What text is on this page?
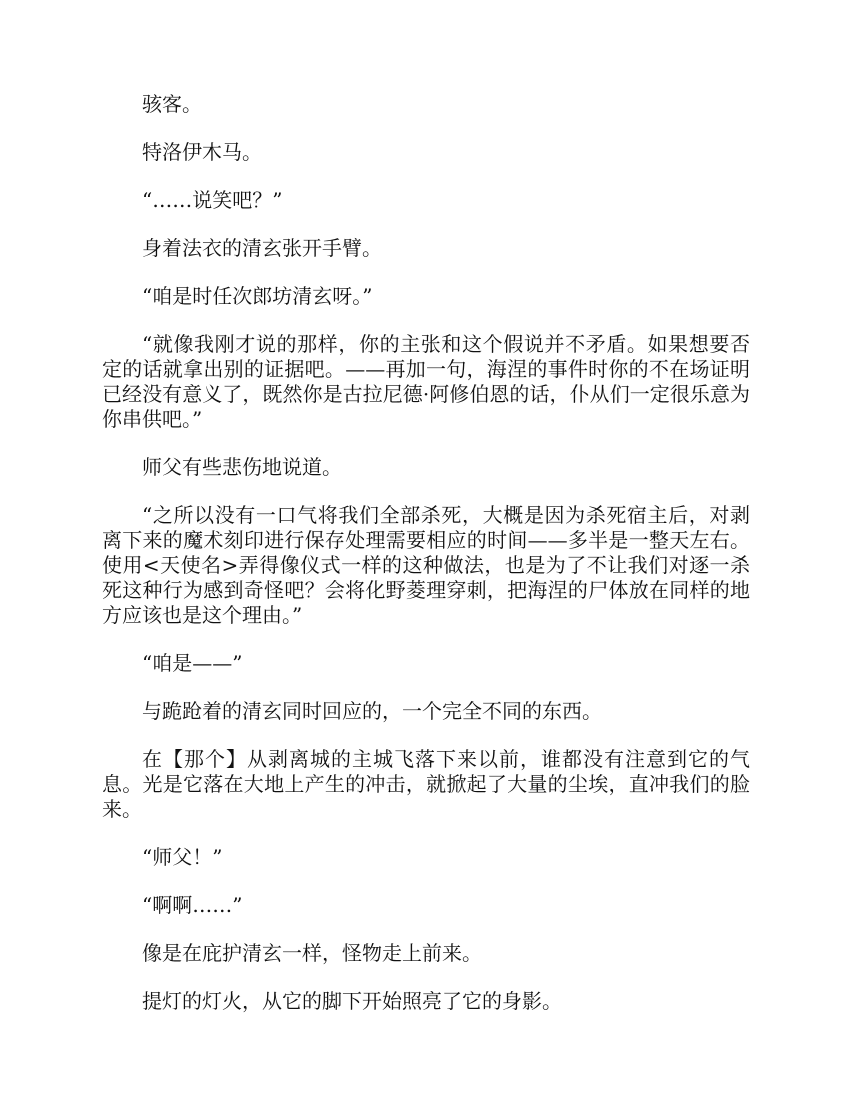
骇客。

特洛伊木马。

“……说笑吧？”

身着法衣的清玄张开手臂。

“咱是时任次郎坊清玄呀。”

“就像我刚才说的那样，你的主张和这个假说并不矛盾。如果想要否定的话就拿出别的证据吧。——再加一句，海涅的事件时你的不在场证明已经没有意义了，既然你是古拉尼德·阿修伯恩的话，仆从们一定很乐意为你串供吧。”

师父有些悲伤地说道。

“之所以没有一口气将我们全部杀死，大概是因为杀死宿主后，对剥离下来的魔术刻印进行保存处理需要相应的时间——多半是一整天左右。使用<天使名>弄得像仪式一样的这种做法，也是为了不让我们对逐一杀死这种行为感到奇怪吧？会将化野菱理穿刺，把海涅的尸体放在同样的地方应该也是这个理由。”

“咱是——”

与跪跄着的清玄同时回应的，一个完全不同的东西。

在【那个】从剥离城的主城飞落下来以前，谁都没有注意到它的气息。光是它落在大地上产生的冲击，就掀起了大量的尘埃，直冲我们的脸来。

“师父！”

“啊啊……”

像是在庇护清玄一样，怪物走上前来。

提灯的灯火，从它的脚下开始照亮了它的身影。
